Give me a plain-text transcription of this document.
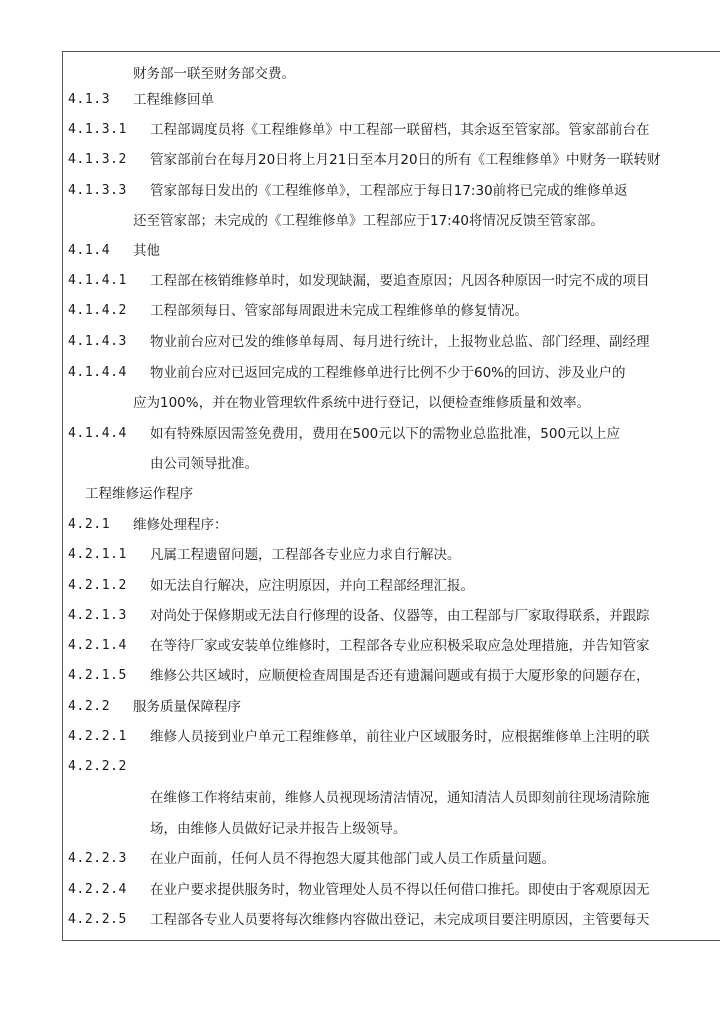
财务部一联至财务部交费。
4.1.3 工程维修回单
4.1.3.1 工程部调度员将《工程维修单》中工程部一联留档，其余返至管家部。管家部前台在
4.1.3.2 管家部前台在每月20日将上月21日至本月20日的所有《工程维修单》中财务一联转财
4.1.3.3 管家部每日发出的《工程维修单》，工程部应于每日17:30前将已完成的维修单返
还至管家部；未完成的《工程维修单》工程部应于17:40将情况反馈至管家部。
4.1.4 其他
4.1.4.1 工程部在核销维修单时，如发现缺漏，要追查原因；凡因各种原因一时完不成的项目
4.1.4.2 工程部须每日、管家部每周跟进未完成工程维修单的修复情况。
4.1.4.3 物业前台应对已发的维修单每周、每月进行统计，上报物业总监、部门经理、副经理
4.1.4.4 物业前台应对已返回完成的工程维修单进行比例不少于60%的回访、涉及业户的
应为100%，并在物业管理软件系统中进行登记，以便检查维修质量和效率。
4.1.4.4 如有特殊原因需签免费用，费用在500元以下的需物业总监批准，500元以上应
由公司领导批准。
工程维修运作程序
4.2.1 维修处理程序：
4.2.1.1 凡属工程遗留问题，工程部各专业应力求自行解决。
4.2.1.2 如无法自行解决，应注明原因，并向工程部经理汇报。
4.2.1.3 对尚处于保修期或无法自行修理的设备、仪器等，由工程部与厂家取得联系，并跟踪
4.2.1.4 在等待厂家或安装单位维修时，工程部各专业应积极采取应急处理措施，并告知管家
4.2.1.5 维修公共区域时，应顺便检查周围是否还有遗漏问题或有损于大厦形象的问题存在，
4.2.2 服务质量保障程序
4.2.2.1 维修人员接到业户单元工程维修单，前往业户区域服务时，应根据维修单上注明的联
4.2.2.2
在维修工作将结束前，维修人员视现场清洁情况，通知清洁人员即刻前往现场清除施
场，由维修人员做好记录并报告上级领导。
4.2.2.3 在业户面前，任何人员不得抱怨大厦其他部门或人员工作质量问题。
4.2.2.4 在业户要求提供服务时，物业管理处人员不得以任何借口推托。即使由于客观原因无
4.2.2.5 工程部各专业人员要将每次维修内容做出登记，未完成项目要注明原因，主管要每天
